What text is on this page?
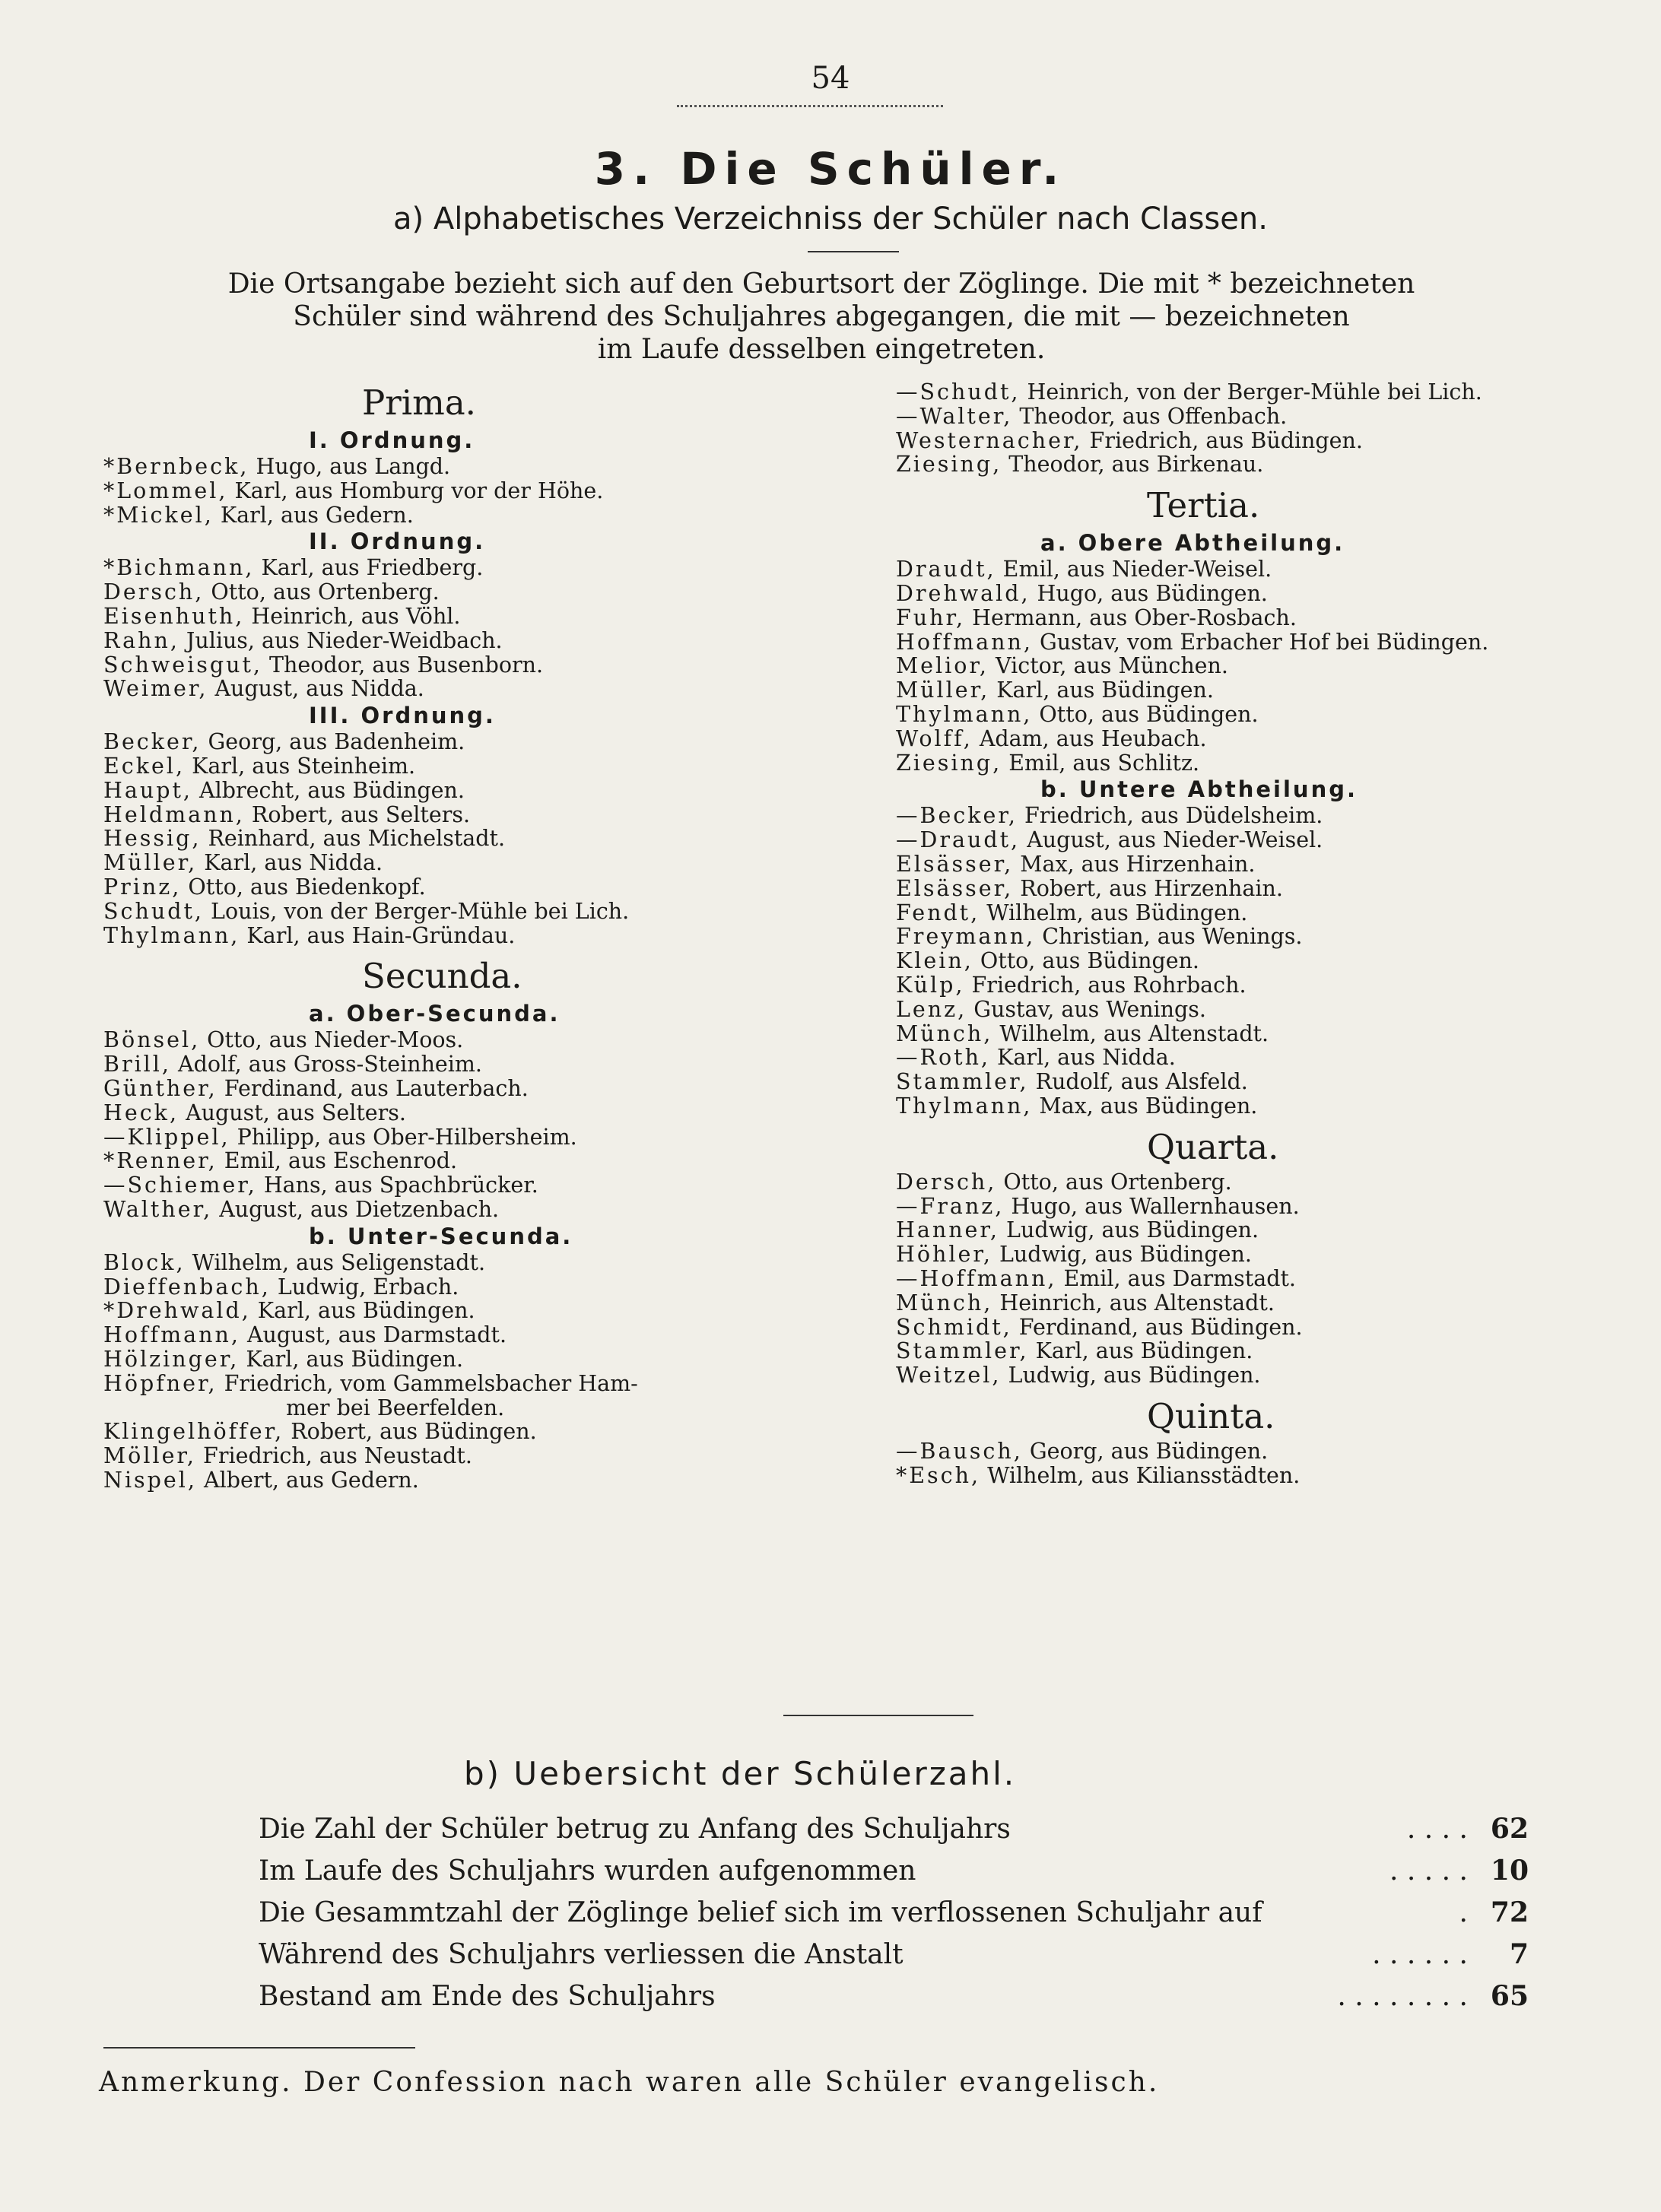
54
3. Die Schüler.
a) Alphabetisches Verzeichniss der Schüler nach Classen.
Die Ortsangabe bezieht sich auf den Geburtsort der Zöglinge. Die mit * bezeichneten
Schüler sind während des Schuljahres abgegangen, die mit — bezeichneten
im Laufe desselben eingetreten.
Prima.
I. Ordnung.
*Bernbeck, Hugo, aus Langd.
*Lommel, Karl, aus Homburg vor der Höhe.
*Mickel, Karl, aus Gedern.
II. Ordnung.
*Bichmann, Karl, aus Friedberg.
Dersch, Otto, aus Ortenberg.
Eisenhuth, Heinrich, aus Vöhl.
Rahn, Julius, aus Nieder-Weidbach.
Schweisgut, Theodor, aus Busenborn.
Weimer, August, aus Nidda.
III. Ordnung.
Becker, Georg, aus Badenheim.
Eckel, Karl, aus Steinheim.
Haupt, Albrecht, aus Büdingen.
Heldmann, Robert, aus Selters.
Hessig, Reinhard, aus Michelstadt.
Müller, Karl, aus Nidda.
Prinz, Otto, aus Biedenkopf.
Schudt, Louis, von der Berger-Mühle bei Lich.
Thylmann, Karl, aus Hain-Gründau.
Secunda.
a. Ober-Secunda.
Bönsel, Otto, aus Nieder-Moos.
Brill, Adolf, aus Gross-Steinheim.
Günther, Ferdinand, aus Lauterbach.
Heck, August, aus Selters.
—Klippel, Philipp, aus Ober-Hilbersheim.
*Renner, Emil, aus Eschenrod.
—Schiemer, Hans, aus Spachbrücker.
Walther, August, aus Dietzenbach.
b. Unter-Secunda.
Block, Wilhelm, aus Seligenstadt.
Dieffenbach, Ludwig, Erbach.
*Drehwald, Karl, aus Büdingen.
Hoffmann, August, aus Darmstadt.
Hölzinger, Karl, aus Büdingen.
Höpfner, Friedrich, vom Gammelsbacher Ham-
mer bei Beerfelden.
Klingelhöffer, Robert, aus Büdingen.
Möller, Friedrich, aus Neustadt.
Nispel, Albert, aus Gedern.
—Schudt, Heinrich, von der Berger-Mühle bei Lich.
—Walter, Theodor, aus Offenbach.
Westernacher, Friedrich, aus Büdingen.
Ziesing, Theodor, aus Birkenau.
Tertia.
a. Obere Abtheilung.
Draudt, Emil, aus Nieder-Weisel.
Drehwald, Hugo, aus Büdingen.
Fuhr, Hermann, aus Ober-Rosbach.
Hoffmann, Gustav, vom Erbacher Hof bei Büdingen.
Melior, Victor, aus München.
Müller, Karl, aus Büdingen.
Thylmann, Otto, aus Büdingen.
Wolff, Adam, aus Heubach.
Ziesing, Emil, aus Schlitz.
b. Untere Abtheilung.
—Becker, Friedrich, aus Düdelsheim.
—Draudt, August, aus Nieder-Weisel.
Elsässer, Max, aus Hirzenhain.
Elsässer, Robert, aus Hirzenhain.
Fendt, Wilhelm, aus Büdingen.
Freymann, Christian, aus Wenings.
Klein, Otto, aus Büdingen.
Külp, Friedrich, aus Rohrbach.
Lenz, Gustav, aus Wenings.
Münch, Wilhelm, aus Altenstadt.
—Roth, Karl, aus Nidda.
Stammler, Rudolf, aus Alsfeld.
Thylmann, Max, aus Büdingen.
Quarta.
Dersch, Otto, aus Ortenberg.
—Franz, Hugo, aus Wallernhausen.
Hanner, Ludwig, aus Büdingen.
Höhler, Ludwig, aus Büdingen.
—Hoffmann, Emil, aus Darmstadt.
Münch, Heinrich, aus Altenstadt.
Schmidt, Ferdinand, aus Büdingen.
Stammler, Karl, aus Büdingen.
Weitzel, Ludwig, aus Büdingen.
Quinta.
—Bausch, Georg, aus Büdingen.
*Esch, Wilhelm, aus Kiliansstädten.
b) Uebersicht der Schülerzahl.
Die Zahl der Schüler betrug zu Anfang des Schuljahrs	. . . . 62
Im Laufe des Schuljahrs wurden aufgenommen	. . . . . 10
Die Gesammtzahl der Zöglinge belief sich im verflossenen Schuljahr auf	. 72
Während des Schuljahrs verliessen die Anstalt	. . . . . . 7
Bestand am Ende des Schuljahrs	. . . . . . . . 65
Anmerkung. Der Confession nach waren alle Schüler evangelisch.
